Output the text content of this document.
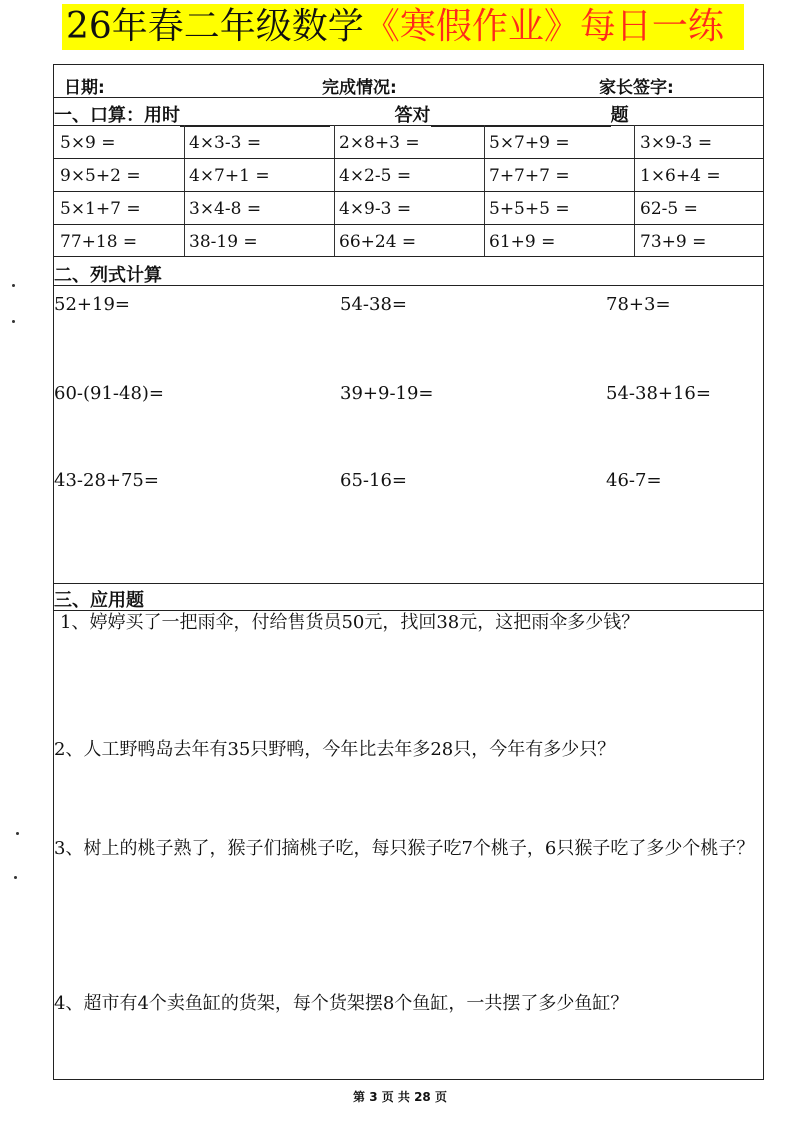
26年春二年级数学《寒假作业》每日一练
日期:	完成情况:	家长签字:
一、口算：用时	答对	题
5×9 =	4×3-3 =	2×8+3 =	5×7+9 =	3×9-3 =
9×5+2 =	4×7+1 =	4×2-5 =	7+7+7 =	1×6+4 =
5×1+7 =	3×4-8 =	4×9-3 =	5+5+5 =	62-5 =
77+18 =	38-19 =	66+24 =	61+9 =	73+9 =
二、列式计算
52+19=	54-38=	78+3=
60-(91-48)=	39+9-19=	54-38+16=
43-28+75=	65-16=	46-7=
三、应用题
1、婷婷买了一把雨伞，付给售货员50元，找回38元，这把雨伞多少钱？
2、人工野鸭岛去年有35只野鸭，今年比去年多28只，今年有多少只？
3、树上的桃子熟了，猴子们摘桃子吃，每只猴子吃7个桃子，6只猴子吃了多少个桃子？
4、超市有4个卖鱼缸的货架，每个货架摆8个鱼缸，一共摆了多少鱼缸？
第 3 页 共 28 页
